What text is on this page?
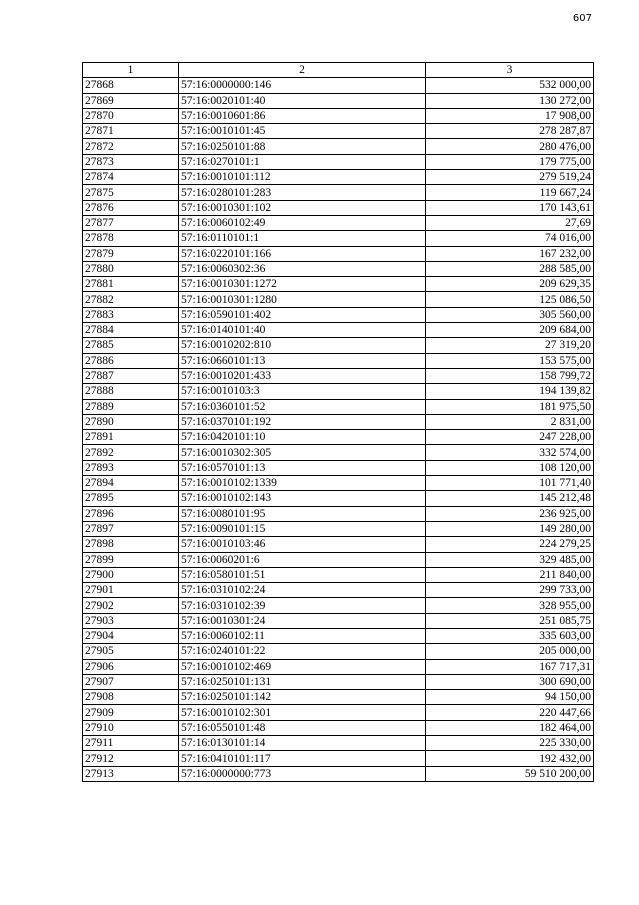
607
1	2	3
27868	57:16:0000000:146	532 000,00
27869	57:16:0020101:40	130 272,00
27870	57:16:0010601:86	17 908,00
27871	57:16:0010101:45	278 287,87
27872	57:16:0250101:88	280 476,00
27873	57:16:0270101:1	179 775,00
27874	57:16:0010101:112	279 519,24
27875	57:16:0280101:283	119 667,24
27876	57:16:0010301:102	170 143,61
27877	57:16:0060102:49	27,69
27878	57:16:0110101:1	74 016,00
27879	57:16:0220101:166	167 232,00
27880	57:16:0060302:36	288 585,00
27881	57:16:0010301:1272	209 629,35
27882	57:16:0010301:1280	125 086,50
27883	57:16:0590101:402	305 560,00
27884	57:16:0140101:40	209 684,00
27885	57:16:0010202:810	27 319,20
27886	57:16:0660101:13	153 575,00
27887	57:16:0010201:433	158 799,72
27888	57:16:0010103:3	194 139,82
27889	57:16:0360101:52	181 975,50
27890	57:16:0370101:192	2 831,00
27891	57:16:0420101:10	247 228,00
27892	57:16:0010302:305	332 574,00
27893	57:16:0570101:13	108 120,00
27894	57:16:0010102:1339	101 771,40
27895	57:16:0010102:143	145 212,48
27896	57:16:0080101:95	236 925,00
27897	57:16:0090101:15	149 280,00
27898	57:16:0010103:46	224 279,25
27899	57:16:0060201:6	329 485,00
27900	57:16:0580101:51	211 840,00
27901	57:16:0310102:24	299 733,00
27902	57:16:0310102:39	328 955,00
27903	57:16:0010301:24	251 085,75
27904	57:16:0060102:11	335 603,00
27905	57:16:0240101:22	205 000,00
27906	57:16:0010102:469	167 717,31
27907	57:16:0250101:131	300 690,00
27908	57:16:0250101:142	94 150,00
27909	57:16:0010102:301	220 447,66
27910	57:16:0550101:48	182 464,00
27911	57:16:0130101:14	225 330,00
27912	57:16:0410101:117	192 432,00
27913	57:16:0000000:773	59 510 200,00
